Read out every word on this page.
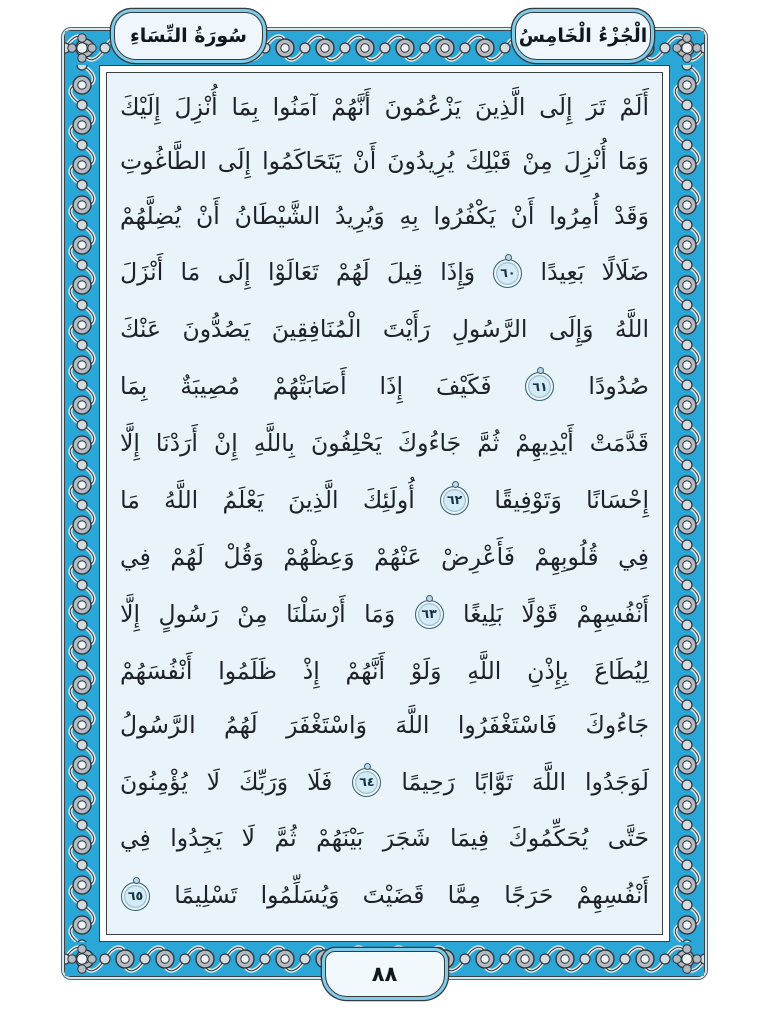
سُورَةُ النِّسَاءِ	الْجُزْءُ الْخَامِسُ
أَلَمْ
تَرَ
إِلَى
الَّذِينَ
يَزْعُمُونَ
أَنَّهُمْ
آمَنُوا
بِمَا
أُنْزِلَ
إِلَيْكَ
وَمَا
أُنْزِلَ
مِنْ
قَبْلِكَ
يُرِيدُونَ
أَنْ
يَتَحَاكَمُوا
إِلَى
الطَّاغُوتِ
وَقَدْ
أُمِرُوا
أَنْ
يَكْفُرُوا
بِهِ
وَيُرِيدُ
الشَّيْطَانُ
أَنْ
يُضِلَّهُمْ
ضَلَالًا
بَعِيدًا
٦٠
وَإِذَا
قِيلَ
لَهُمْ
تَعَالَوْا
إِلَى
مَا
أَنْزَلَ
اللَّهُ
وَإِلَى
الرَّسُولِ
رَأَيْتَ
الْمُنَافِقِينَ
يَصُدُّونَ
عَنْكَ
صُدُودًا
٦١
فَكَيْفَ
إِذَا
أَصَابَتْهُمْ
مُصِيبَةٌ
بِمَا
قَدَّمَتْ
أَيْدِيهِمْ
ثُمَّ
جَاءُوكَ
يَحْلِفُونَ
بِاللَّهِ
إِنْ
أَرَدْنَا
إِلَّا
إِحْسَانًا
وَتَوْفِيقًا
٦٢
أُولَئِكَ
الَّذِينَ
يَعْلَمُ
اللَّهُ
مَا
فِي
قُلُوبِهِمْ
فَأَعْرِضْ
عَنْهُمْ
وَعِظْهُمْ
وَقُلْ
لَهُمْ
فِي
أَنْفُسِهِمْ
قَوْلًا
بَلِيغًا
٦٣
وَمَا
أَرْسَلْنَا
مِنْ
رَسُولٍ
إِلَّا
لِيُطَاعَ
بِإِذْنِ
اللَّهِ
وَلَوْ
أَنَّهُمْ
إِذْ
ظَلَمُوا
أَنْفُسَهُمْ
جَاءُوكَ
فَاسْتَغْفَرُوا
اللَّهَ
وَاسْتَغْفَرَ
لَهُمُ
الرَّسُولُ
لَوَجَدُوا
اللَّهَ
تَوَّابًا
رَحِيمًا
٦٤
فَلَا
وَرَبِّكَ
لَا
يُؤْمِنُونَ
حَتَّى
يُحَكِّمُوكَ
فِيمَا
شَجَرَ
بَيْنَهُمْ
ثُمَّ
لَا
يَجِدُوا
فِي
أَنْفُسِهِمْ
حَرَجًا
مِمَّا
قَضَيْتَ
وَيُسَلِّمُوا
تَسْلِيمًا
٦٥
٨٨
